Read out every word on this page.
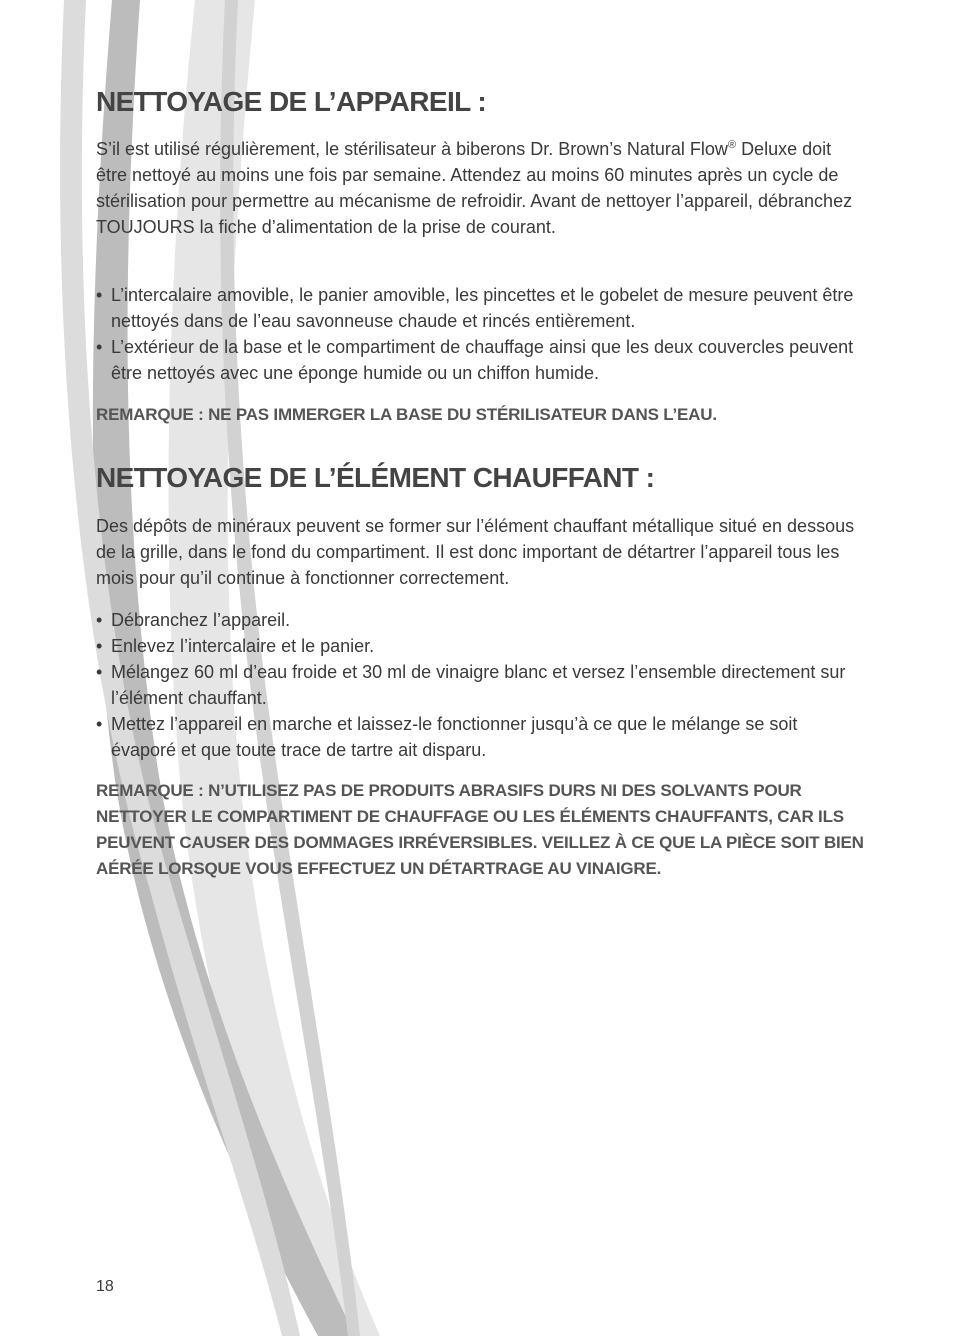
NETTOYAGE DE L’APPAREIL :

S’il est utilisé régulièrement, le stérilisateur à biberons Dr. Brown’s Natural Flow® Deluxe doit être nettoyé au moins une fois par semaine. Attendez au moins 60 minutes après un cycle de stérilisation pour permettre au mécanisme de refroidir. Avant de nettoyer l’appareil, débranchez TOUJOURS la fiche d’alimentation de la prise de courant.

• L’intercalaire amovible, le panier amovible, les pincettes et le gobelet de mesure peuvent être nettoyés dans de l’eau savonneuse chaude et rincés entièrement.
• L’extérieur de la base et le compartiment de chauffage ainsi que les deux couvercles peuvent être nettoyés avec une éponge humide ou un chiffon humide.

REMARQUE : NE PAS IMMERGER LA BASE DU STÉRILISATEUR DANS L’EAU.

NETTOYAGE DE L’ÉLÉMENT CHAUFFANT :

Des dépôts de minéraux peuvent se former sur l’élément chauffant métallique situé en dessous de la grille, dans le fond du compartiment. Il est donc important de détartrer l’appareil tous les mois pour qu’il continue à fonctionner correctement.

• Débranchez l’appareil.
• Enlevez l’intercalaire et le panier.
• Mélangez 60 ml d’eau froide et 30 ml de vinaigre blanc et versez l’ensemble directement sur l’élément chauffant.
• Mettez l’appareil en marche et laissez-le fonctionner jusqu’à ce que le mélange se soit évaporé et que toute trace de tartre ait disparu.

REMARQUE : N’UTILISEZ PAS DE PRODUITS ABRASIFS DURS NI DES SOLVANTS POUR NETTOYER LE COMPARTIMENT DE CHAUFFAGE OU LES ÉLÉMENTS CHAUFFANTS, CAR ILS PEUVENT CAUSER DES DOMMAGES IRRÉVERSIBLES. VEILLEZ À CE QUE LA PIÈCE SOIT BIEN AÉRÉE LORSQUE VOUS EFFECTUEZ UN DÉTARTRAGE AU VINAIGRE.

18
